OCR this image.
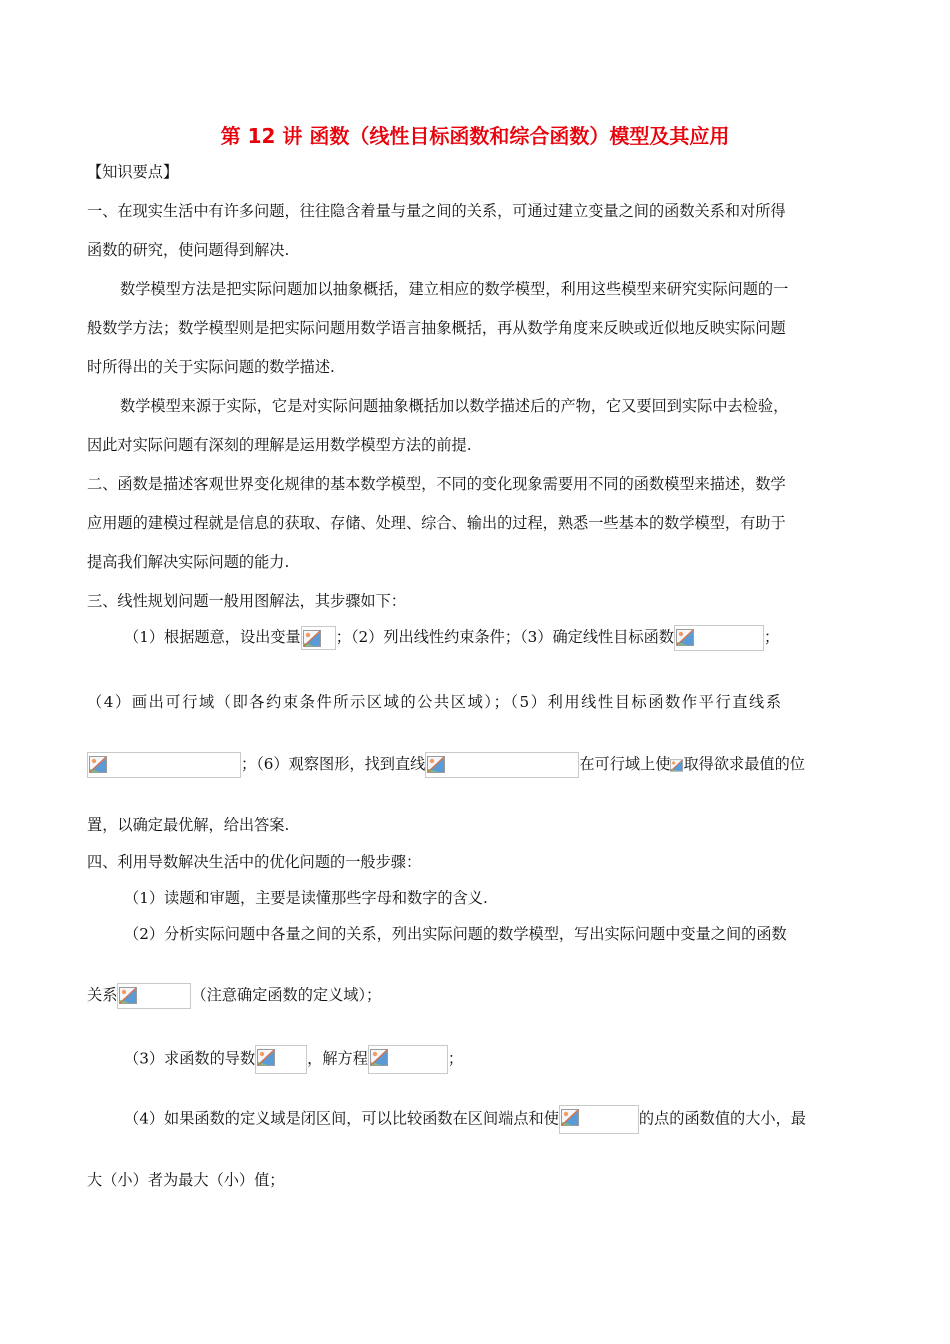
第 12 讲 函数（线性目标函数和综合函数）模型及其应用
【知识要点】
一、在现实生活中有许多问题，往往隐含着量与量之间的关系，可通过建立变量之间的函数关系和对所得
函数的研究，使问题得到解决.
数学模型方法是把实际问题加以抽象概括，建立相应的数学模型，利用这些模型来研究实际问题的一
般数学方法；数学模型则是把实际问题用数学语言抽象概括，再从数学角度来反映或近似地反映实际问题
时所得出的关于实际问题的数学描述.
数学模型来源于实际，它是对实际问题抽象概括加以数学描述后的产物，它又要回到实际中去检验，
因此对实际问题有深刻的理解是运用数学模型方法的前提.
二、函数是描述客观世界变化规律的基本数学模型，不同的变化现象需要用不同的函数模型来描述，数学
应用题的建模过程就是信息的获取、存储、处理、综合、输出的过程，熟悉一些基本的数学模型，有助于
提高我们解决实际问题的能力.
三、线性规划问题一般用图解法，其步骤如下：
（1）根据题意，设出变量 ；（2）列出线性约束条件；（3）确定线性目标函数	；
（4）画出可行域（即各约束条件所示区域的公共区域）；（5）利用线性目标函数作平行直线系
；（6）观察图形，找到直线	在可行域上使 取得欲求最值的位
置，以确定最优解，给出答案.
四、利用导数解决生活中的优化问题的一般步骤：
（1）读题和审题，主要是读懂那些字母和数字的含义.
（2）分析实际问题中各量之间的关系，列出实际问题的数学模型，写出实际问题中变量之间的函数
关系	（注意确定函数的定义域）；
（3）求函数的导数	，解方程	；
（4）如果函数的定义域是闭区间，可以比较函数在区间端点和使	的点的函数值的大小，最
大（小）者为最大（小）值；
